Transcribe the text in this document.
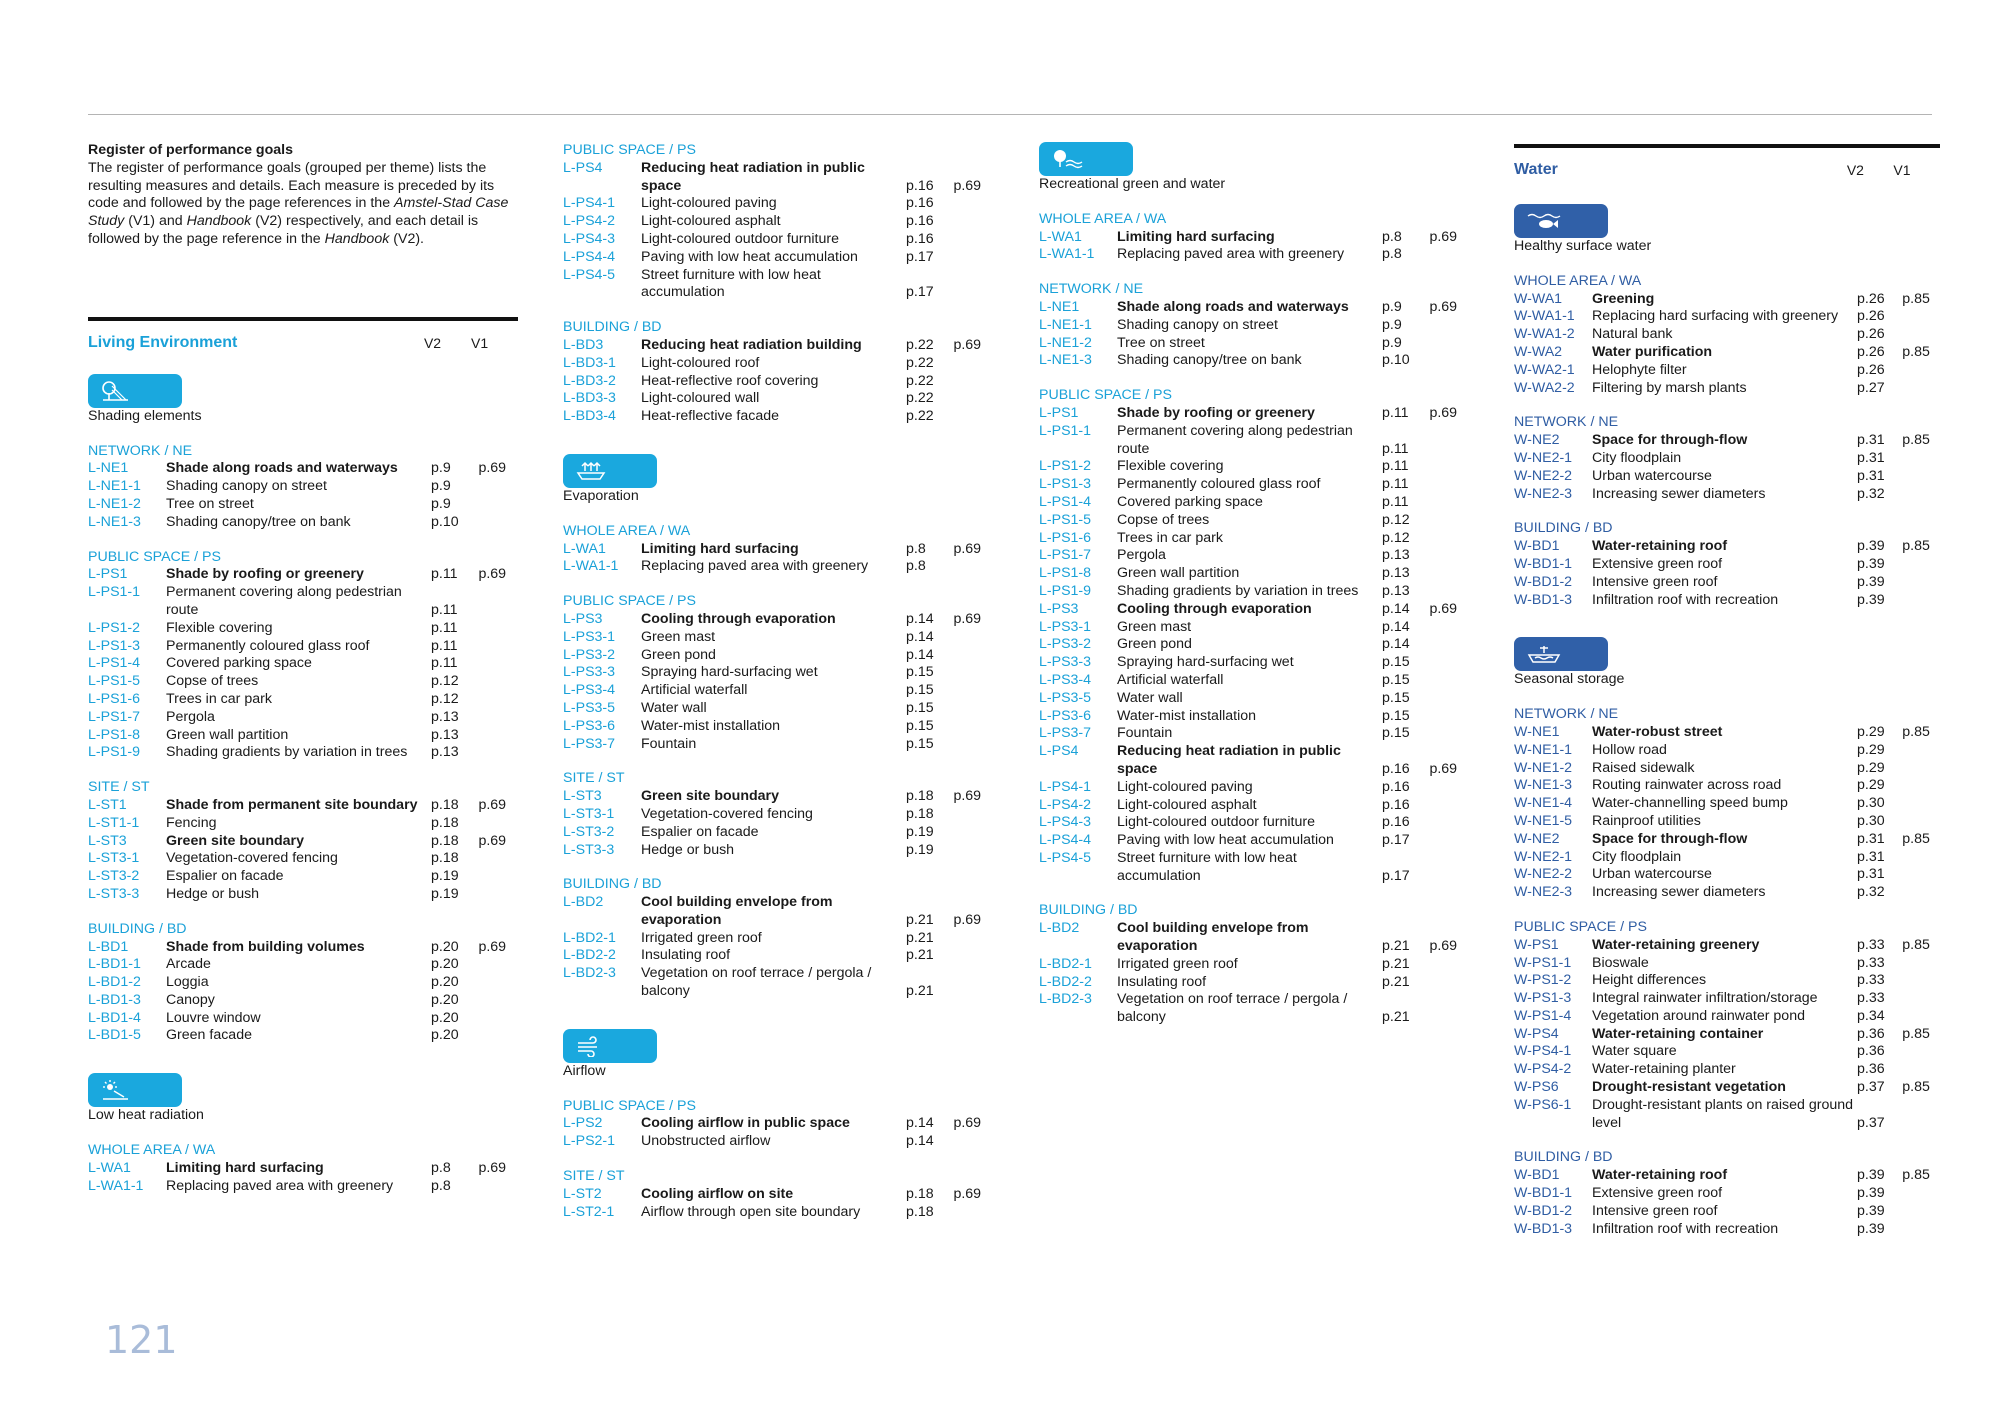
Register of performance goals

The register of performance goals (grouped per theme) lists the resulting measures and details. Each measure is preceded by its code and followed by the page references in the Amstel-Stad Case Study (V1) and Handbook (V2) respectively, and each detail is followed by the page reference in the Handbook (V2).

Living Environment	V2	V1
Shading elements
NETWORK / NE
L-NE1	Shade along roads and waterways	p.9	p.69
L-NE1-1	Shading canopy on street	p.9
L-NE1-2	Tree on street	p.9
L-NE1-3	Shading canopy/tree on bank	p.10
PUBLIC SPACE / PS
L-PS1	Shade by roofing or greenery	p.11	p.69
L-PS1-1	Permanent covering along pedestrian route	p.11
L-PS1-2	Flexible covering	p.11
L-PS1-3	Permanently coloured glass roof	p.11
L-PS1-4	Covered parking space	p.11
L-PS1-5	Copse of trees	p.12
L-PS1-6	Trees in car park	p.12
L-PS1-7	Pergola	p.13
L-PS1-8	Green wall partition	p.13
L-PS1-9	Shading gradients by variation in trees	p.13
SITE / ST
L-ST1	Shade from permanent site boundary p.18	p.69
L-ST1-1	Fencing	p.18
L-ST3	Green site boundary	p.18	p.69
L-ST3-1	Vegetation-covered fencing	p.18
L-ST3-2	Espalier on facade	p.19
L-ST3-3	Hedge or bush	p.19
BUILDING / BD
L-BD1	Shade from building volumes	p.20	p.69
L-BD1-1	Arcade	p.20
L-BD1-2	Loggia	p.20
L-BD1-3	Canopy	p.20
L-BD1-4	Louvre window	p.20
L-BD1-5	Green facade	p.20
Low heat radiation
WHOLE AREA / WA
L-WA1	Limiting hard surfacing	p.8	p.69
L-WA1-1	Replacing paved area with greenery	p.8
PUBLIC SPACE / PS
L-PS4	Reducing heat radiation in public space	p.16	p.69
L-PS4-1	Light-coloured paving	p.16
L-PS4-2	Light-coloured asphalt	p.16
L-PS4-3	Light-coloured outdoor furniture	p.16
L-PS4-4	Paving with low heat accumulation	p.17
L-PS4-5	Street furniture with low heat accumulation	p.17
BUILDING / BD
L-BD3	Reducing heat radiation building	p.22	p.69
L-BD3-1	Light-coloured roof	p.22
L-BD3-2	Heat-reflective roof covering	p.22
L-BD3-3	Light-coloured wall	p.22
L-BD3-4	Heat-reflective facade	p.22
Evaporation
WHOLE AREA / WA
L-WA1	Limiting hard surfacing	p.8	p.69
L-WA1-1	Replacing paved area with greenery	p.8
PUBLIC SPACE / PS
L-PS3	Cooling through evaporation	p.14	p.69
L-PS3-1	Green mast	p.14
L-PS3-2	Green pond	p.14
L-PS3-3	Spraying hard-surfacing wet	p.15
L-PS3-4	Artificial waterfall	p.15
L-PS3-5	Water wall	p.15
L-PS3-6	Water-mist installation	p.15
L-PS3-7	Fountain	p.15
SITE / ST
L-ST3	Green site boundary	p.18	p.69
L-ST3-1	Vegetation-covered fencing	p.18
L-ST3-2	Espalier on facade	p.19
L-ST3-3	Hedge or bush	p.19
BUILDING / BD
L-BD2	Cool building envelope from evaporation	p.21	p.69
L-BD2-1	Irrigated green roof	p.21
L-BD2-2	Insulating roof	p.21
L-BD2-3	Vegetation on roof terrace / pergola / balcony	p.21
Airflow
PUBLIC SPACE / PS
L-PS2	Cooling airflow in public space	p.14	p.69
L-PS2-1	Unobstructed airflow	p.14
SITE / ST
L-ST2	Cooling airflow on site	p.18	p.69
L-ST2-1	Airflow through open site boundary	p.18
Recreational green and water
WHOLE AREA / WA
L-WA1	Limiting hard surfacing	p.8	p.69
L-WA1-1	Replacing paved area with greenery	p.8
NETWORK / NE
L-NE1	Shade along roads and waterways	p.9	p.69
L-NE1-1	Shading canopy on street	p.9
L-NE1-2	Tree on street	p.9
L-NE1-3	Shading canopy/tree on bank	p.10
PUBLIC SPACE / PS
L-PS1	Shade by roofing or greenery	p.11	p.69
L-PS1-1	Permanent covering along pedestrian route	p.11
L-PS1-2	Flexible covering	p.11
L-PS1-3	Permanently coloured glass roof	p.11
L-PS1-4	Covered parking space	p.11
L-PS1-5	Copse of trees	p.12
L-PS1-6	Trees in car park	p.12
L-PS1-7	Pergola	p.13
L-PS1-8	Green wall partition	p.13
L-PS1-9	Shading gradients by variation in trees	p.13
L-PS3	Cooling through evaporation	p.14	p.69
L-PS3-1	Green mast	p.14
L-PS3-2	Green pond	p.14
L-PS3-3	Spraying hard-surfacing wet	p.15
L-PS3-4	Artificial waterfall	p.15
L-PS3-5	Water wall	p.15
L-PS3-6	Water-mist installation	p.15
L-PS3-7	Fountain	p.15
L-PS4	Reducing heat radiation in public space	p.16	p.69
L-PS4-1	Light-coloured paving	p.16
L-PS4-2	Light-coloured asphalt	p.16
L-PS4-3	Light-coloured outdoor furniture	p.16
L-PS4-4	Paving with low heat accumulation	p.17
L-PS4-5	Street furniture with low heat accumulation	p.17
BUILDING / BD
L-BD2	Cool building envelope from evaporation	p.21	p.69
L-BD2-1	Irrigated green roof	p.21
L-BD2-2	Insulating roof	p.21
L-BD2-3	Vegetation on roof terrace / pergola / balcony	p.21
Water	V2	V1
Healthy surface water
WHOLE AREA / WA
W-WA1	Greening	p.26	p.85
W-WA1-1	Replacing hard surfacing with greenery	p.26
W-WA1-2	Natural bank	p.26
W-WA2	Water purification	p.26	p.85
W-WA2-1	Helophyte filter	p.26
W-WA2-2	Filtering by marsh plants	p.27
NETWORK / NE
W-NE2	Space for through-flow	p.31	p.85
W-NE2-1	City floodplain	p.31
W-NE2-2	Urban watercourse	p.31
W-NE2-3	Increasing sewer diameters	p.32
BUILDING / BD
W-BD1	Water-retaining roof	p.39	p.85
W-BD1-1	Extensive green roof	p.39
W-BD1-2	Intensive green roof	p.39
W-BD1-3	Infiltration roof with recreation	p.39
Seasonal storage
NETWORK / NE
W-NE1	Water-robust street	p.29	p.85
W-NE1-1	Hollow road	p.29
W-NE1-2	Raised sidewalk	p.29
W-NE1-3	Routing rainwater across road	p.29
W-NE1-4	Water-channelling speed bump	p.30
W-NE1-5	Rainproof utilities	p.30
W-NE2	Space for through-flow	p.31	p.85
W-NE2-1	City floodplain	p.31
W-NE2-2	Urban watercourse	p.31
W-NE2-3	Increasing sewer diameters	p.32
PUBLIC SPACE / PS
W-PS1	Water-retaining greenery	p.33	p.85
W-PS1-1	Bioswale	p.33
W-PS1-2	Height differences	p.33
W-PS1-3	Integral rainwater infiltration/storage	p.33
W-PS1-4	Vegetation around rainwater pond	p.34
W-PS4	Water-retaining container	p.36	p.85
W-PS4-1	Water square	p.36
W-PS4-2	Water-retaining planter	p.36
W-PS6	Drought-resistant vegetation	p.37	p.85
W-PS6-1	Drought-resistant plants on raised ground level	p.37
BUILDING / BD
W-BD1	Water-retaining roof	p.39	p.85
W-BD1-1	Extensive green roof	p.39
W-BD1-2	Intensive green roof	p.39
W-BD1-3	Infiltration roof with recreation	p.39
121
